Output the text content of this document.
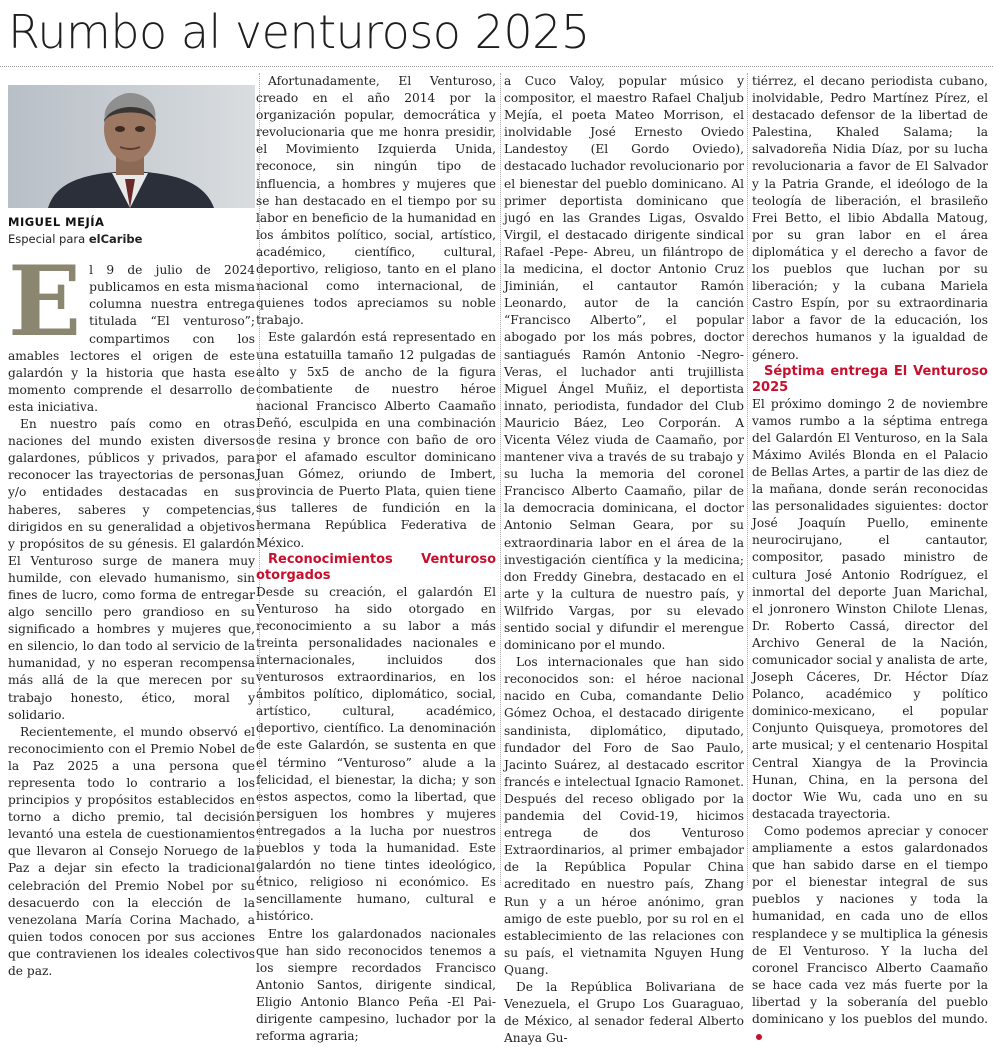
Rumbo al venturoso 2025
MIGUEL MEJÍA
Especial para elCaribe

El 9 de julio de 2024 publicamos en esta misma columna nuestra entrega titulada “El venturoso”; compartimos con los amables lectores el origen de este galardón y la historia que hasta ese momento comprende el desarrollo de esta iniciativa.

En nuestro país como en otras naciones del mundo existen diversos galardones, públicos y privados, para reconocer las trayectorias de personas y/o entidades destacadas en sus haberes, saberes y competencias, dirigidos en su generalidad a objetivos y propósitos de su génesis. El galardón El Venturoso surge de manera muy humilde, con elevado humanismo, sin fines de lucro, como forma de entregar algo sencillo pero grandioso en su significado a hombres y mujeres que, en silencio, lo dan todo al servicio de la humanidad, y no esperan recompensa más allá de la que merecen por su trabajo honesto, ético, moral y solidario.

Recientemente, el mundo observó el reconocimiento con el Premio Nobel de la Paz 2025 a una persona que representa todo lo contrario a los principios y propósitos establecidos en torno a dicho premio, tal decisión levantó una estela de cuestionamientos que llevaron al Consejo Noruego de la Paz a dejar sin efecto la tradicional celebración del Premio Nobel por su desacuerdo con la elección de la venezolana María Corina Machado, a quien todos conocen por sus acciones que contravienen los ideales colectivos de paz.

Afortunadamente, El Venturoso, creado en el año 2014 por la organización popular, democrática y revolucionaria que me honra presidir, el Movimiento Izquierda Unida, reconoce, sin ningún tipo de influencia, a hombres y mujeres que se han destacado en el tiempo por su labor en beneficio de la humanidad en los ámbitos político, social, artístico, académico, científico, cultural, deportivo, religioso, tanto en el plano nacional como internacional, de quienes todos apreciamos su noble trabajo.

Este galardón está representado en una estatuilla tamaño 12 pulgadas de alto y 5x5 de ancho de la figura combatiente de nuestro héroe nacional Francisco Alberto Caamaño Deñó, esculpida en una combinación de resina y bronce con baño de oro por el afamado escultor dominicano Juan Gómez, oriundo de Imbert, provincia de Puerto Plata, quien tiene sus talleres de fundición en la hermana República Federativa de México.

Reconocimientos Venturoso otorgados

Desde su creación, el galardón El Venturoso ha sido otorgado en reconocimiento a su labor a más treinta personalidades nacionales e internacionales, incluidos dos venturosos extraordinarios, en los ámbitos político, diplomático, social, artístico, cultural, académico, deportivo, científico. La denominación de este Galardón, se sustenta en que el término “Venturoso” alude a la felicidad, el bienestar, la dicha; y son estos aspectos, como la libertad, que persiguen los hombres y mujeres entregados a la lucha por nuestros pueblos y toda la humanidad. Este galardón no tiene tintes ideológico, étnico, religioso ni económico. Es sencillamente humano, cultural e histórico.

Entre los galardonados nacionales que han sido reconocidos tenemos a los siempre recordados Francisco Antonio Santos, dirigente sindical, Eligio Antonio Blanco Peña -El Pai- dirigente campesino, luchador por la reforma agraria;

a Cuco Valoy, popular músico y compositor, el maestro Rafael Chaljub Mejía, el poeta Mateo Morrison, el inolvidable José Ernesto Oviedo Landestoy (El Gordo Oviedo), destacado luchador revolucionario por el bienestar del pueblo dominicano. Al primer deportista dominicano que jugó en las Grandes Ligas, Osvaldo Virgil, el destacado dirigente sindical Rafael -Pepe- Abreu, un filántropo de la medicina, el doctor Antonio Cruz Jiminián, el cantautor Ramón Leonardo, autor de la canción “Francisco Alberto”, el popular abogado por los más pobres, doctor santiagués Ramón Antonio -Negro- Veras, el luchador anti trujillista Miguel Ángel Muñiz, el deportista innato, periodista, fundador del Club Mauricio Báez, Leo Corporán. A Vicenta Vélez viuda de Caamaño, por mantener viva a través de su trabajo y su lucha la memoria del coronel Francisco Alberto Caamaño, pilar de la democracia dominicana, el doctor Antonio Selman Geara, por su extraordinaria labor en el área de la investigación científica y la medicina; don Freddy Ginebra, destacado en el arte y la cultura de nuestro país, y Wilfrido Vargas, por su elevado sentido social y difundir el merengue dominicano por el mundo.

Los internacionales que han sido reconocidos son: el héroe nacional nacido en Cuba, comandante Delio Gómez Ochoa, el destacado dirigente sandinista, diplomático, diputado, fundador del Foro de Sao Paulo, Jacinto Suárez, al destacado escritor francés e intelectual Ignacio Ramonet. Después del receso obligado por la pandemia del Covid-19, hicimos entrega de dos Venturoso Extraordinarios, al primer embajador de la República Popular China acreditado en nuestro país, Zhang Run y a un héroe anónimo, gran amigo de este pueblo, por su rol en el establecimiento de las relaciones con su país, el vietnamita Nguyen Hung Quang.

De la República Bolivariana de Venezuela, el Grupo Los Guaraguao, de México, al senador federal Alberto Anaya Gu-

tiérrez, el decano periodista cubano, inolvidable, Pedro Martínez Pírez, el destacado defensor de la libertad de Palestina, Khaled Salama; la salvadoreña Nidia Díaz, por su lucha revolucionaria a favor de El Salvador y la Patria Grande, el ideólogo de la teología de liberación, el brasileño Frei Betto, el libio Abdalla Matoug, por su gran labor en el área diplomática y el derecho a favor de los pueblos que luchan por su liberación; y la cubana Mariela Castro Espín, por su extraordinaria labor a favor de la educación, los derechos humanos y la igualdad de género.

Séptima entrega El Venturoso 2025

El próximo domingo 2 de noviembre vamos rumbo a la séptima entrega del Galardón El Venturoso, en la Sala Máximo Avilés Blonda en el Palacio de Bellas Artes, a partir de las diez de la mañana, donde serán reconocidas las personalidades siguientes: doctor José Joaquín Puello, eminente neurocirujano, el cantautor, compositor, pasado ministro de cultura José Antonio Rodríguez, el inmortal del deporte Juan Marichal, el jonronero Winston Chilote Llenas, Dr. Roberto Cassá, director del Archivo General de la Nación, comunicador social y analista de arte, Joseph Cáceres, Dr. Héctor Díaz Polanco, académico y político dominico-mexicano, el popular Conjunto Quisqueya, promotores del arte musical; y el centenario Hospital Central Xiangya de la Provincia Hunan, China, en la persona del doctor Wie Wu, cada uno en su destacada trayectoria.

Como podemos apreciar y conocer ampliamente a estos galardonados que han sabido darse en el tiempo por el bienestar integral de sus pueblos y naciones y toda la humanidad, en cada uno de ellos resplandece y se multiplica la génesis de El Venturoso. Y la lucha del coronel Francisco Alberto Caamaño se hace cada vez más fuerte por la libertad y la soberanía del pueblo dominicano y los pueblos del mundo.
